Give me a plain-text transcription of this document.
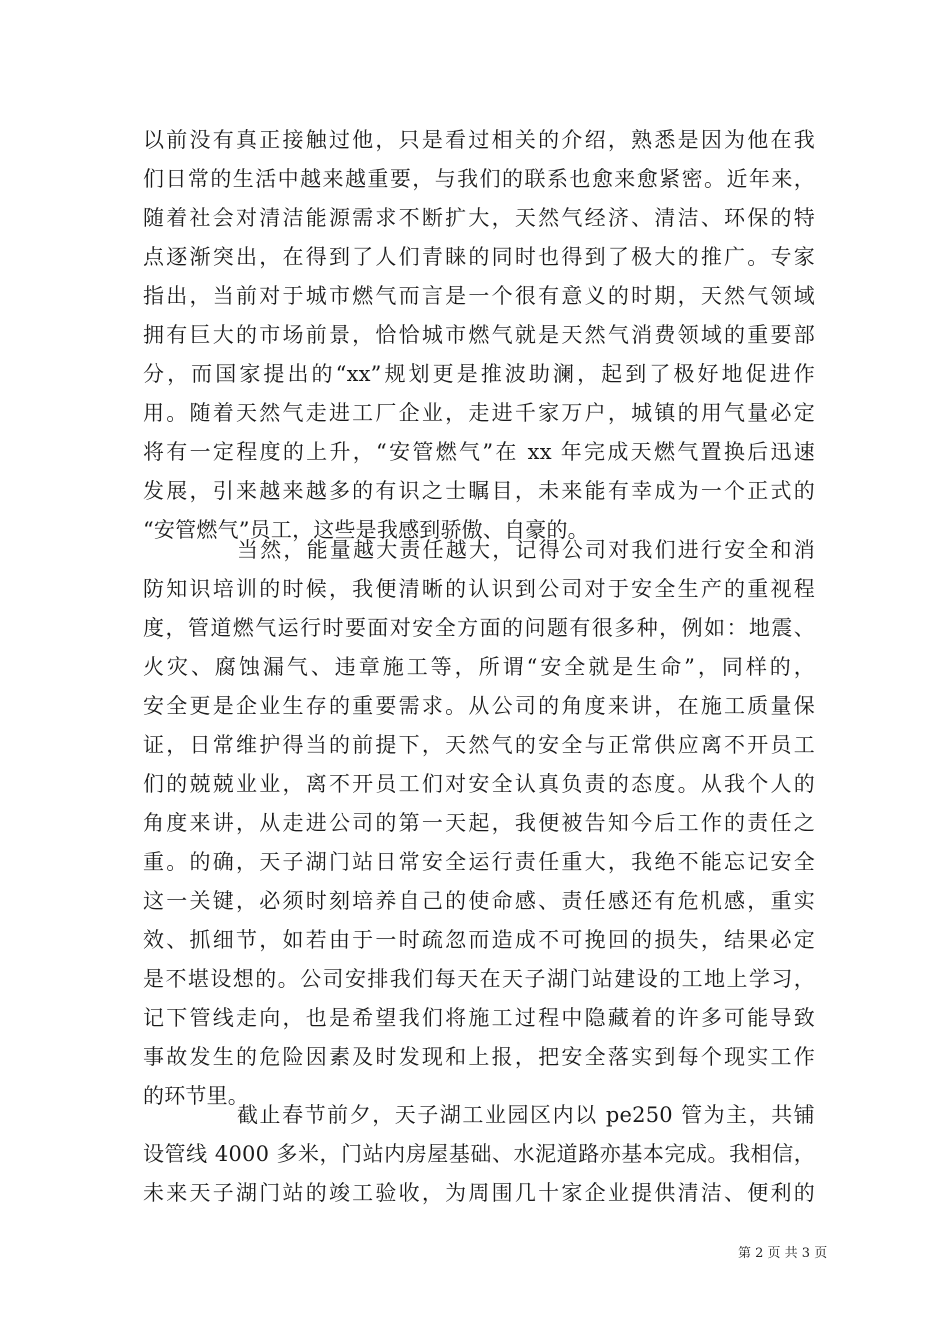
以前没有真正接触过他，只是看过相关的介绍，熟悉是因为他在我
们日常的生活中越来越重要，与我们的联系也愈来愈紧密。近年来，
随着社会对清洁能源需求不断扩大，天然气经济、清洁、环保的特
点逐渐突出，在得到了人们青睐的同时也得到了极大的推广。专家
指出，当前对于城市燃气而言是一个很有意义的时期，天然气领域
拥有巨大的市场前景，恰恰城市燃气就是天然气消费领域的重要部
分，而国家提出的“xx”规划更是推波助澜，起到了极好地促进作
用。随着天然气走进工厂企业，走进千家万户，城镇的用气量必定
将有一定程度的上升，“安管燃气”在 xx 年完成天燃气置换后迅速
发展，引来越来越多的有识之士瞩目，未来能有幸成为一个正式的
“安管燃气”员工，这些是我感到骄傲、自豪的。
当然，能量越大责任越大，记得公司对我们进行安全和消
防知识培训的时候，我便清晰的认识到公司对于安全生产的重视程
度，管道燃气运行时要面对安全方面的问题有很多种，例如：地震、
火灾、腐蚀漏气、违章施工等，所谓“安全就是生命”，同样的，
安全更是企业生存的重要需求。从公司的角度来讲，在施工质量保
证，日常维护得当的前提下，天然气的安全与正常供应离不开员工
们的兢兢业业，离不开员工们对安全认真负责的态度。从我个人的
角度来讲，从走进公司的第一天起，我便被告知今后工作的责任之
重。的确，天子湖门站日常安全运行责任重大，我绝不能忘记安全
这一关键，必须时刻培养自己的使命感、责任感还有危机感，重实
效、抓细节，如若由于一时疏忽而造成不可挽回的损失，结果必定
是不堪设想的。公司安排我们每天在天子湖门站建设的工地上学习，
记下管线走向，也是希望我们将施工过程中隐藏着的许多可能导致
事故发生的危险因素及时发现和上报，把安全落实到每个现实工作
的环节里。
截止春节前夕，天子湖工业园区内以 pe250 管为主，共铺
设管线 4000 多米，门站内房屋基础、水泥道路亦基本完成。我相信，
未来天子湖门站的竣工验收，为周围几十家企业提供清洁、便利的
第 2 页 共 3 页
